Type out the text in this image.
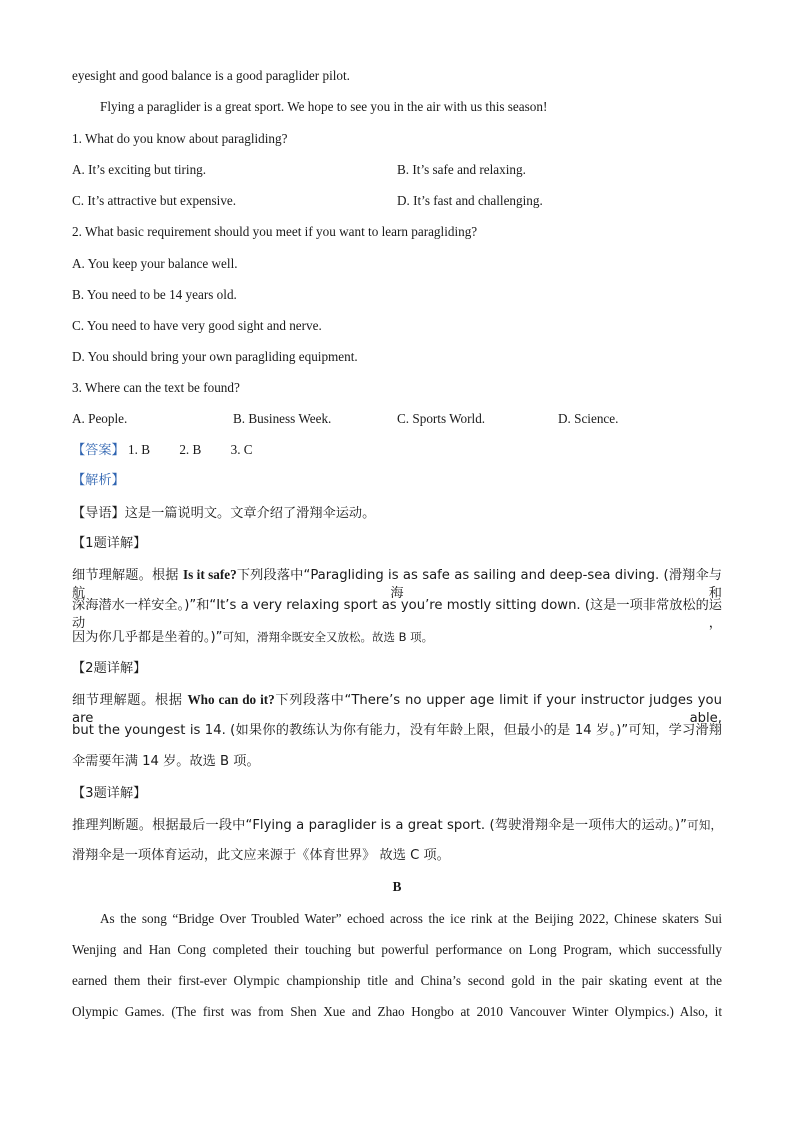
eyesight and good balance is a good paraglider pilot.
Flying a paraglider is a great sport. We hope to see you in the air with us this season!
1. What do you know about paragliding?
A. It’s exciting but tiring.	B. It’s safe and relaxing.
C. It’s attractive but expensive.	D. It’s fast and challenging.
2. What basic requirement should you meet if you want to learn paragliding?
A. You keep your balance well.
B. You need to be 14 years old.
C. You need to have very good sight and nerve.
D. You should bring your own paragliding equipment.
3. Where can the text be found?
A. People.	B. Business Week.	C. Sports World.	D. Science.
【答案】 1. B 2. B 3. C
【解析】
【导语】这是一篇说明文。文章介绍了滑翔伞运动。
【1题详解】
细节理解题。根据 Is it safe?下列段落中“Paragliding is as safe as sailing and deep-sea diving. (滑翔伞与航海和
深海潜水一样安全。)”和“It’s a very relaxing sport as you’re mostly sitting down. (这是一项非常放松的运动，
因为你几乎都是坐着的。)”可知，滑翔伞既安全又放松。故选 B 项。
【2题详解】
细节理解题。根据 Who can do it?下列段落中“There’s no upper age limit if your instructor judges you are able,
but the youngest is 14. (如果你的教练认为你有能力，没有年龄上限，但最小的是 14 岁。)”可知，学习滑翔
伞需要年满 14 岁。故选 B 项。
【3题详解】
推理判断题。根据最后一段中“Flying a paraglider is a great sport. (驾驶滑翔伞是一项伟大的运动。)”可知，
滑翔伞是一项体育运动，此文应来源于《体育世界》 故选 C 项。
B
As the song “Bridge Over Troubled Water” echoed across the ice rink at the Beijing 2022, Chinese skaters Sui
Wenjing and Han Cong completed their touching but powerful performance on Long Program, which successfully
earned them their first-ever Olympic championship title and China’s second gold in the pair skating event at the
Olympic Games. (The first was from Shen Xue and Zhao Hongbo at 2010 Vancouver Winter Olympics.) Also, it
